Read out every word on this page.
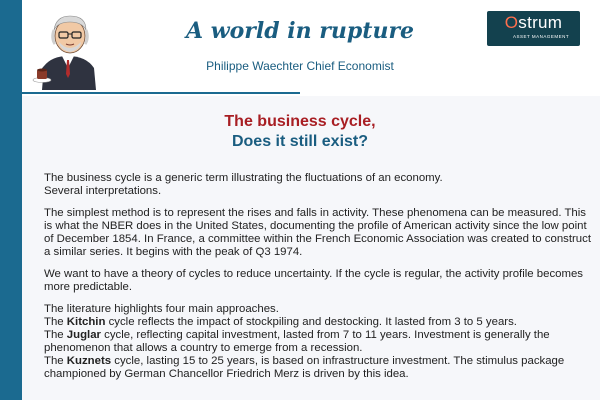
A world in rupture
Philippe Waechter Chief Economist
Ostrum
ASSET MANAGEMENT
The business cycle,
Does it still exist?

The business cycle is a generic term illustrating the fluctuations of an economy.
Several interpretations.

The simplest method is to represent the rises and falls in activity. These phenomena can be measured. This is what the NBER does in the United States, documenting the profile of American activity since the low point of December 1854. In France, a committee within the French Economic Association was created to construct a similar series. It begins with the peak of Q3 1974.

We want to have a theory of cycles to reduce uncertainty. If the cycle is regular, the activity profile becomes more predictable.

The literature highlights four main approaches.

The Kitchin cycle reflects the impact of stockpiling and destocking. It lasted from 3 to 5 years.

The Juglar cycle, reflecting capital investment, lasted from 7 to 11 years. Investment is generally the phenomenon that allows a country to emerge from a recession.

The Kuznets cycle, lasting 15 to 25 years, is based on infrastructure investment. The stimulus package championed by German Chancellor Friedrich Merz is driven by this idea.
